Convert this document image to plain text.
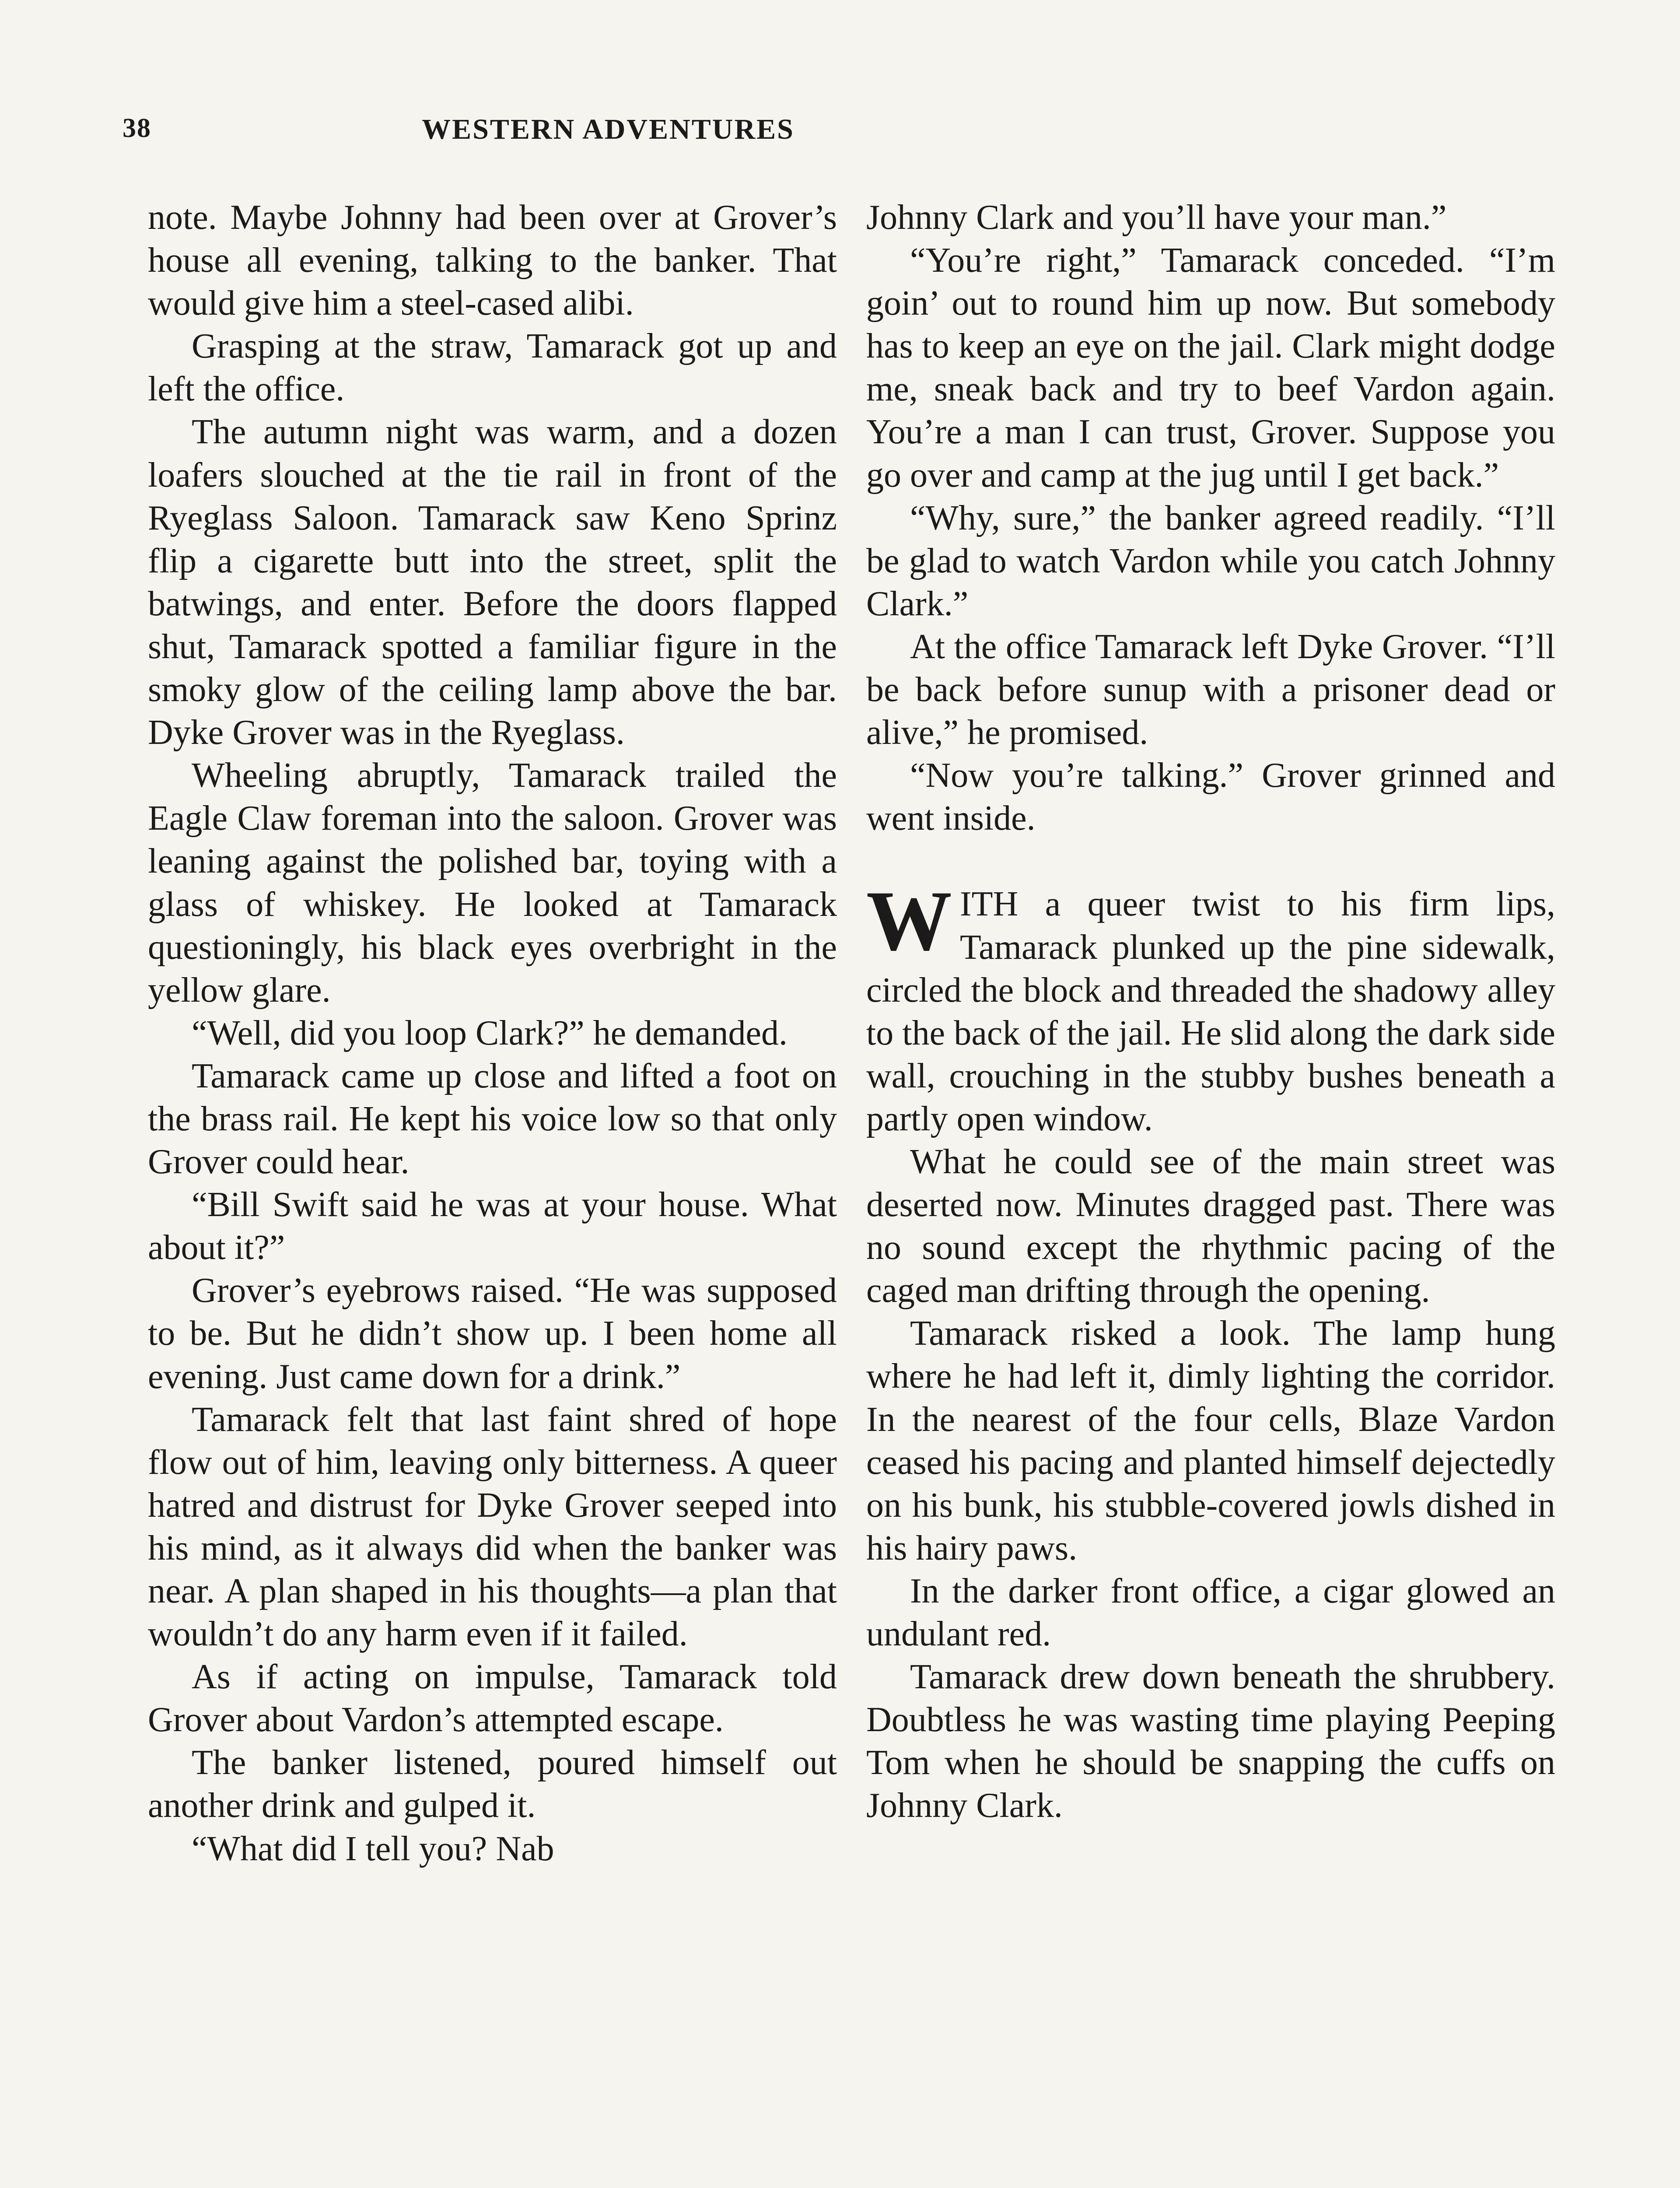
38	WESTERN ADVENTURES

note. Maybe Johnny had been over at Grover’s house all evening, talking to the banker. That would give him a steel-cased alibi.

Grasping at the straw, Tamarack got up and left the office.

The autumn night was warm, and a dozen loafers slouched at the tie rail in front of the Ryeglass Saloon. Tamarack saw Keno Sprinz flip a cigarette butt into the street, split the batwings, and enter. Before the doors flapped shut, Tamarack spotted a familiar figure in the smoky glow of the ceiling lamp above the bar. Dyke Grover was in the Ryeglass.

Wheeling abruptly, Tamarack trailed the Eagle Claw foreman into the saloon. Grover was leaning against the polished bar, toying with a glass of whiskey. He looked at Tamarack questioningly, his black eyes overbright in the yellow glare.

“Well, did you loop Clark?” he demanded.

Tamarack came up close and lifted a foot on the brass rail. He kept his voice low so that only Grover could hear.

“Bill Swift said he was at your house. What about it?”

Grover’s eyebrows raised. “He was supposed to be. But he didn’t show up. I been home all evening. Just came down for a drink.”

Tamarack felt that last faint shred of hope flow out of him, leaving only bitterness. A queer hatred and distrust for Dyke Grover seeped into his mind, as it always did when the banker was near. A plan shaped in his thoughts—a plan that wouldn’t do any harm even if it failed.

As if acting on impulse, Tamarack told Grover about Vardon’s attempted escape.

The banker listened, poured himself out another drink and gulped it.

“What did I tell you? Nab

Johnny Clark and you’ll have your man.”

“You’re right,” Tamarack conceded. “I’m goin’ out to round him up now. But somebody has to keep an eye on the jail. Clark might dodge me, sneak back and try to beef Vardon again. You’re a man I can trust, Grover. Suppose you go over and camp at the jug until I get back.”

“Why, sure,” the banker agreed readily. “I’ll be glad to watch Vardon while you catch Johnny Clark.”

At the office Tamarack left Dyke Grover. “I’ll be back before sunup with a prisoner dead or alive,” he promised.

“Now you’re talking.” Grover grinned and went inside.

WITH a queer twist to his firm lips, Tamarack plunked up the pine sidewalk, circled the block and threaded the shadowy alley to the back of the jail. He slid along the dark side wall, crouching in the stubby bushes beneath a partly open window.

What he could see of the main street was deserted now. Minutes dragged past. There was no sound except the rhythmic pacing of the caged man drifting through the opening.

Tamarack risked a look. The lamp hung where he had left it, dimly lighting the corridor. In the nearest of the four cells, Blaze Vardon ceased his pacing and planted himself dejectedly on his bunk, his stubble-covered jowls dished in his hairy paws.

In the darker front office, a cigar glowed an undulant red.

Tamarack drew down beneath the shrubbery. Doubtless he was wasting time playing Peeping Tom when he should be snapping the cuffs on Johnny Clark.
